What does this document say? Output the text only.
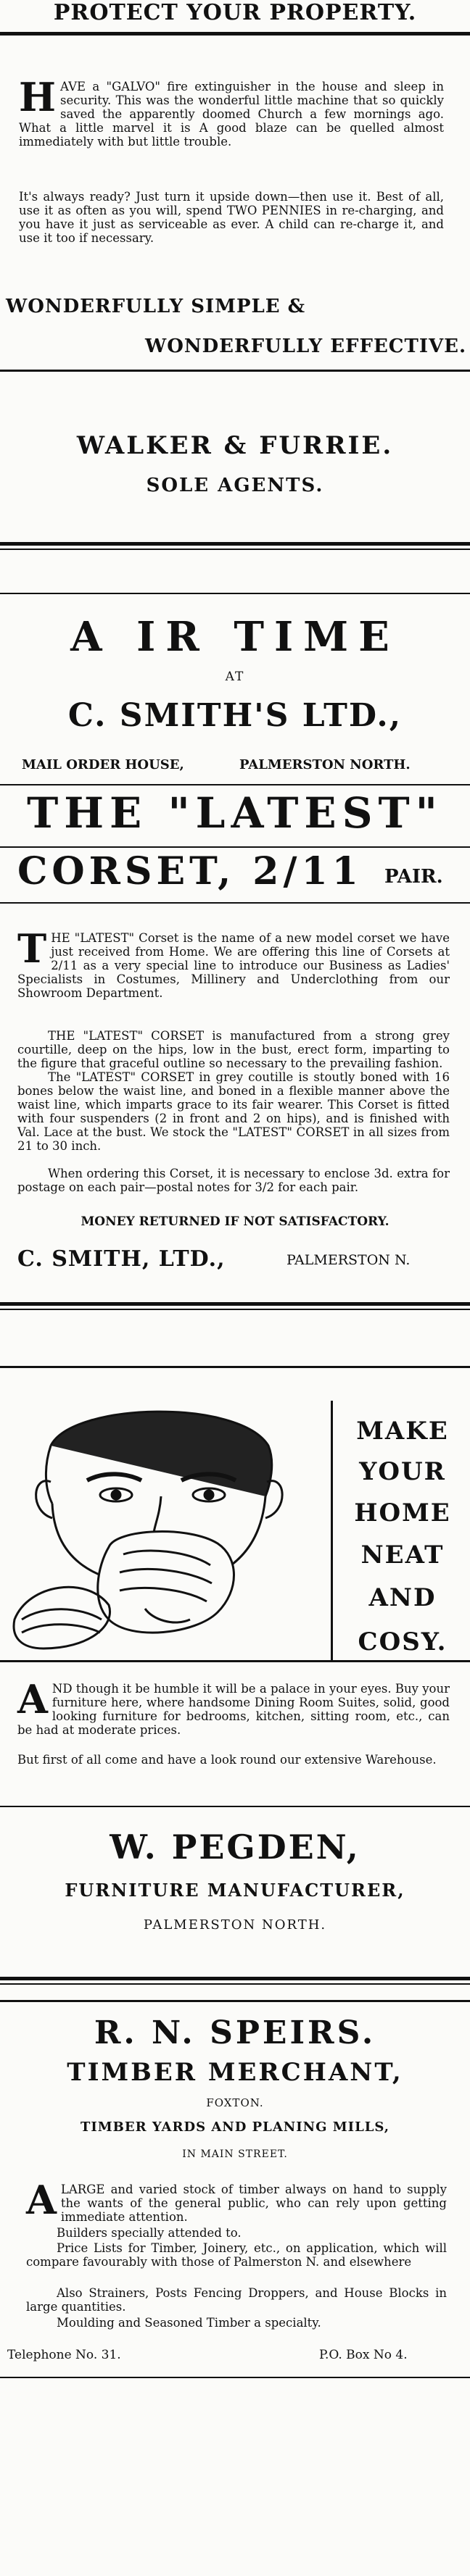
PROTECT YOUR PROPERTY.
H AVE a "GALVO" fire extinguisher in the house and sleep in security. This was the wonderful little machine that so quickly saved the apparently doomed Church a few mornings ago. What a little marvel it is A good blaze can be quelled almost immediately with but little trouble.
It's always ready? Just turn it upside down—then use it. Best of all, use it as often as you will, spend TWO PENNIES in re-charging, and you have it just as serviceable as ever. A child can re-charge it, and use it too if necessary.
WONDERFULLY SIMPLE &
WONDERFULLY EFFECTIVE.
WALKER & FURRIE.
SOLE AGENTS.
A IR TIME
AT
C. SMITH'S LTD.,
MAIL ORDER HOUSE,	PALMERSTON NORTH.
THE "LATEST"
CORSET, 2/11 PAIR.
T HE "LATEST" Corset is the name of a new model corset we have just received from Home. We are offering this line of Corsets at 2/11 as a very special line to introduce our Business as Ladies' Specialists in Costumes, Millinery and Underclothing from our Showroom Department.
THE "LATEST" CORSET is manufactured from a strong grey courtille, deep on the hips, low in the bust, erect form, imparting to the figure that graceful outline so necessary to the prevailing fashion.
The "LATEST" CORSET in grey coutille is stoutly boned with 16 bones below the waist line, and boned in a flexible manner above the waist line, which imparts grace to its fair wearer. This Corset is fitted with four suspenders (2 in front and 2 on hips), and is finished with Val. Lace at the bust. We stock the "LATEST" CORSET in all sizes from 21 to 30 inch.
When ordering this Corset, it is necessary to enclose 3d. extra for postage on each pair—postal notes for 3/2 for each pair.
MONEY RETURNED IF NOT SATISFACTORY.
C. SMITH, LTD.,	PALMERSTON N.
MAKE
YOUR
HOME
NEAT
AND
COSY.
A ND though it be humble it will be a palace in your eyes. Buy your furniture here, where handsome Dining Room Suites, solid, good looking furniture for bedrooms, kitchen, sitting room, etc., can be had at moderate prices.
But first of all come and have a look round our extensive Warehouse.
W. PEGDEN,
FURNITURE MANUFACTURER,
PALMERSTON NORTH.
R. N. SPEIRS.
TIMBER MERCHANT,
FOXTON.
TIMBER YARDS AND PLANING MILLS,
IN MAIN STREET.
A LARGE and varied stock of timber always on hand to supply the wants of the general public, who can rely upon getting immediate attention.
Builders specially attended to.
Price Lists for Timber, Joinery, etc., on application, which will compare favourably with those of Palmerston N. and elsewhere
Also Strainers, Posts Fencing Droppers, and House Blocks in large quantities.
Moulding and Seasoned Timber a specialty.
Telephone No. 31.	P.O. Box No 4.
